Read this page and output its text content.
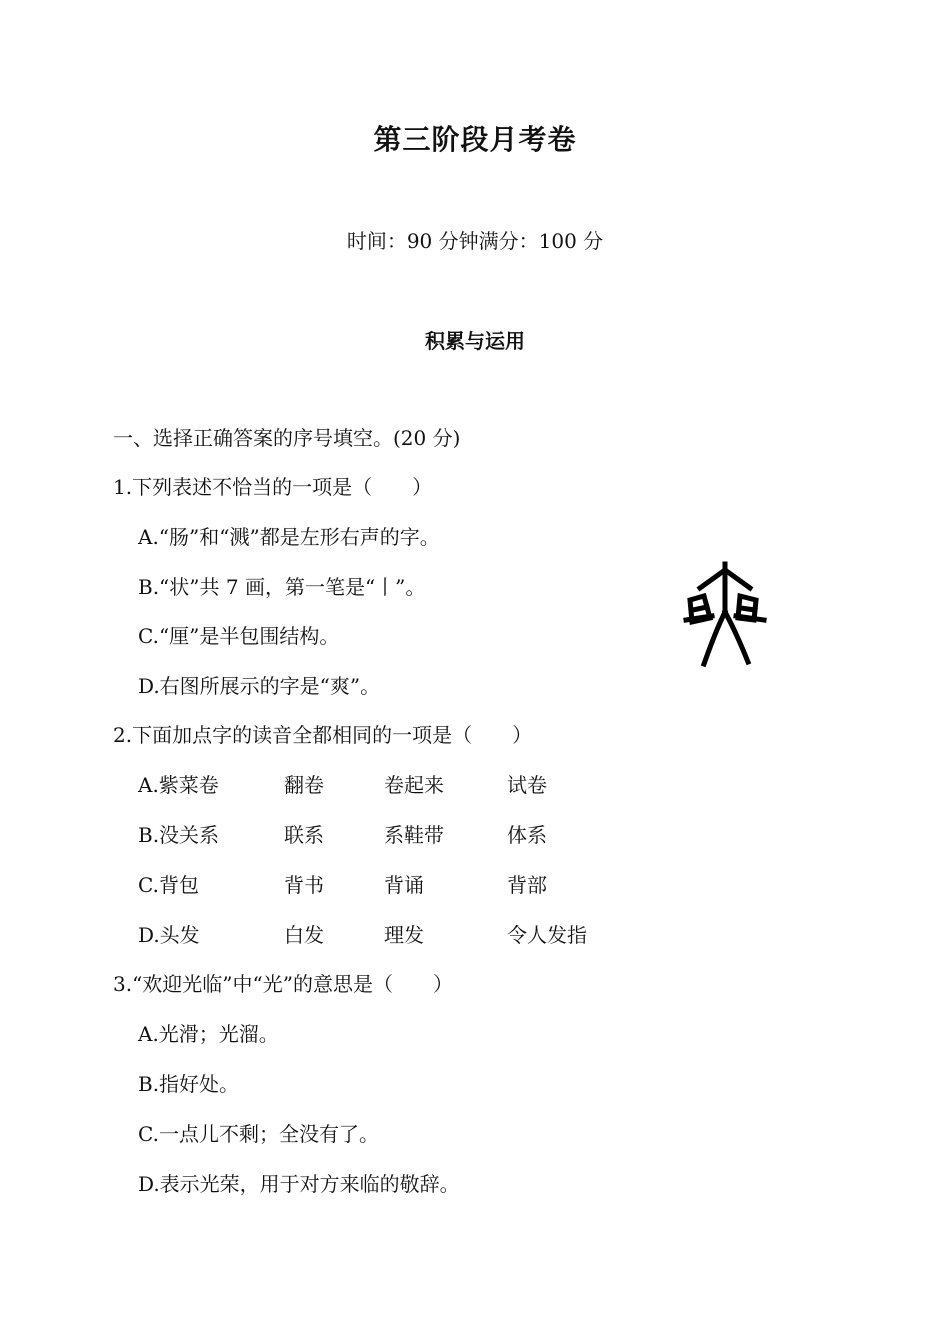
第三阶段月考卷
时间：90 分钟满分：100 分
积累与运用
一、选择正确答案的序号填空。(20 分)
1.下列表述不恰当的一项是（　　）
A.“肠”和“溅”都是左形右声的字。
B.“状”共 7 画，第一笔是“丨”。
C.“厘”是半包围结构。
D.右图所展示的字是“爽”。
2.下面加点字的读音全都相同的一项是（　　）
A.紫菜卷	翻卷	卷起来	试卷
B.没关系	联系	系鞋带	体系
C.背包	背书	背诵	背部
D.头发	白发	理发	令人发指
3.“欢迎光临”中“光”的意思是（　　）
A.光滑；光溜。
B.指好处。
C.一点儿不剩；全没有了。
D.表示光荣，用于对方来临的敬辞。
